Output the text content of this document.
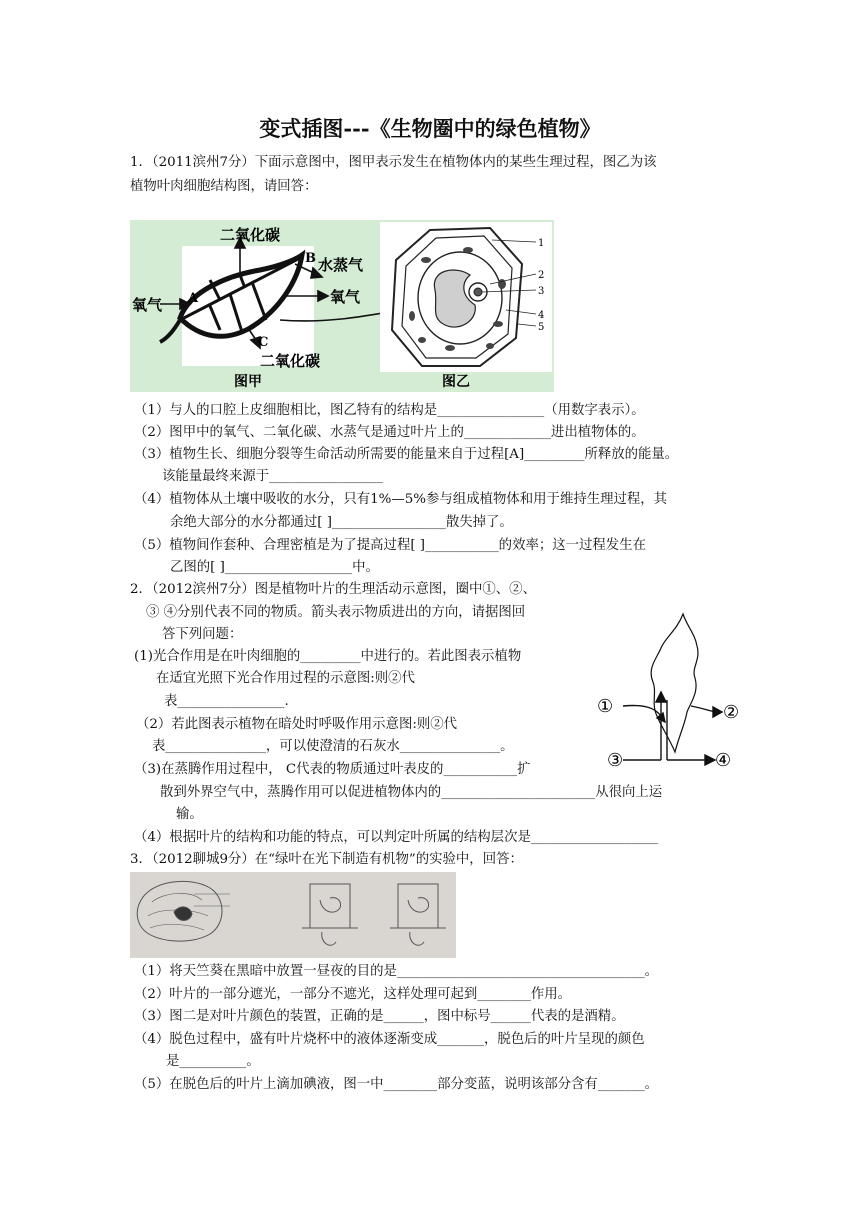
变式插图---《生物圈中的绿色植物》
1．（2011滨州7分）下面示意图中，图甲表示发生在植物体内的某些生理过程，图乙为该
植物叶肉细胞结构图，请回答：
二氧化碳
B 水蒸气
氧气 A	氧气
C
二氧化碳
图甲
1
2
3
4
5
图乙
（1）与人的口腔上皮细胞相比，图乙特有的结构是________________（用数字表示）。
（2）图甲中的氧气、二氧化碳、水蒸气是通过叶片上的_____________进出植物体的。
（3）植物生长、细胞分裂等生命活动所需要的能量来自于过程[A]_________所释放的能量。
该能量最终来源于_________________
（4）植物体从土壤中吸收的水分，只有1%—5%参与组成植物体和用于维持生理过程，其
余绝大部分的水分都通过[ ]_________________散失掉了。
（5）植物间作套种、合理密植是为了提高过程[ ]___________的效率；这一过程发生在
乙图的[ ]___________________中。
2．（2012滨州7分）图是植物叶片的生理活动示意图，圈中①、②、
③ ④分别代表不同的物质。箭头表示物质进出的方向，请据图回
答下列问题：
(1)光合作用是在叶肉细胞的_________中进行的。若此图表示植物
在适宜光照下光合作用过程的示意图:则②代
表________________.
（2）若此图表示植物在暗处时呼吸作用示意图:则②代
表_______________，可以使澄清的石灰水_______________。
（3)在蒸腾作用过程中， C代表的物质通过叶表皮的___________扩
散到外界空气中，蒸腾作用可以促进植物体内的_______________________从很向上运
输。
（4）根据叶片的结构和功能的特点，可以判定叶所属的结构层次是___________________
①	②
③	④
3．（2012聊城9分）在“绿叶在光下制造有机物”的实验中，回答：
（1）将天竺葵在黑暗中放置一昼夜的目的是_____________________________________。
（2）叶片的一部分遮光，一部分不遮光，这样处理可起到________作用。
（3）图二是对叶片颜色的装置，正确的是______，图中标号______代表的是酒精。
（4）脱色过程中，盛有叶片烧杯中的液体逐渐变成_______，脱色后的叶片呈现的颜色
是__________。
（5）在脱色后的叶片上滴加碘液，图一中________部分变蓝，说明该部分含有_______。
